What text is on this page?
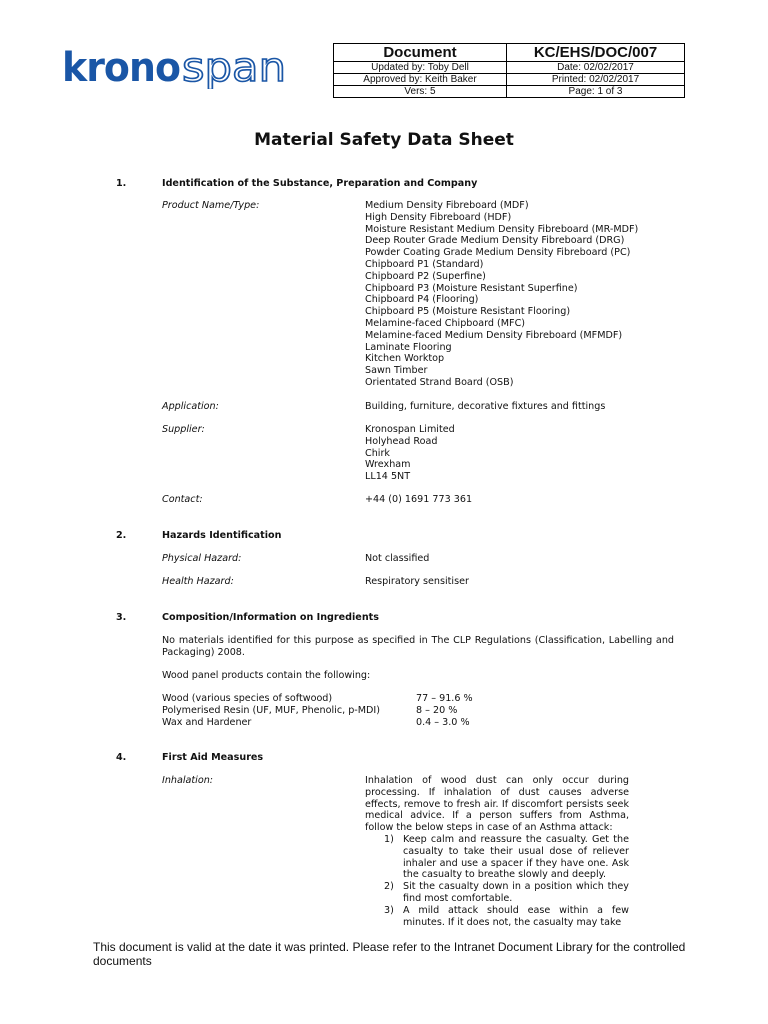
krono span	Document	KC/EHS/DOC/007
Updated by: Toby Dell	Date: 02/02/2017
Approved by: Keith Baker	Printed: 02/02/2017
Vers: 5	Page: 1 of 3
Material Safety Data Sheet
1.	Identification of the Substance, Preparation and Company
Product Name/Type:	Medium Density Fibreboard (MDF)
High Density Fibreboard (HDF)
Moisture Resistant Medium Density Fibreboard (MR-MDF)
Deep Router Grade Medium Density Fibreboard (DRG)
Powder Coating Grade Medium Density Fibreboard (PC)
Chipboard P1 (Standard)
Chipboard P2 (Superfine)
Chipboard P3 (Moisture Resistant Superfine)
Chipboard P4 (Flooring)
Chipboard P5 (Moisture Resistant Flooring)
Melamine-faced Chipboard (MFC)
Melamine-faced Medium Density Fibreboard (MFMDF)
Laminate Flooring
Kitchen Worktop
Sawn Timber
Orientated Strand Board (OSB)
Application:	Building, furniture, decorative fixtures and fittings
Supplier:	Kronospan Limited
Holyhead Road
Chirk
Wrexham
LL14 5NT
Contact:	+44 (0) 1691 773 361
2.	Hazards Identification
Physical Hazard:	Not classified
Health Hazard:	Respiratory sensitiser
3.	Composition/Information on Ingredients
No materials identified for this purpose as specified in The CLP Regulations (Classification, Labelling and Packaging) 2008.
Wood panel products contain the following:
Wood (various species of softwood)	77 – 91.6 %
Polymerised Resin (UF, MUF, Phenolic, p-MDI)	8 – 20 %
Wax and Hardener	0.4 – 3.0 %
4.	First Aid Measures
Inhalation:	Inhalation of wood dust can only occur during processing. If inhalation of dust causes adverse effects, remove to fresh air. If discomfort persists seek medical advice. If a person suffers from Asthma, follow the below steps in case of an Asthma attack:
1) Keep calm and reassure the casualty. Get the casualty to take their usual dose of reliever inhaler and use a spacer if they have one. Ask the casualty to breathe slowly and deeply.
2) Sit the casualty down in a position which they find most comfortable.
3) A mild attack should ease within a few minutes. If it does not, the casualty may take
This document is valid at the date it was printed. Please refer to the Intranet Document Library for the controlled documents
